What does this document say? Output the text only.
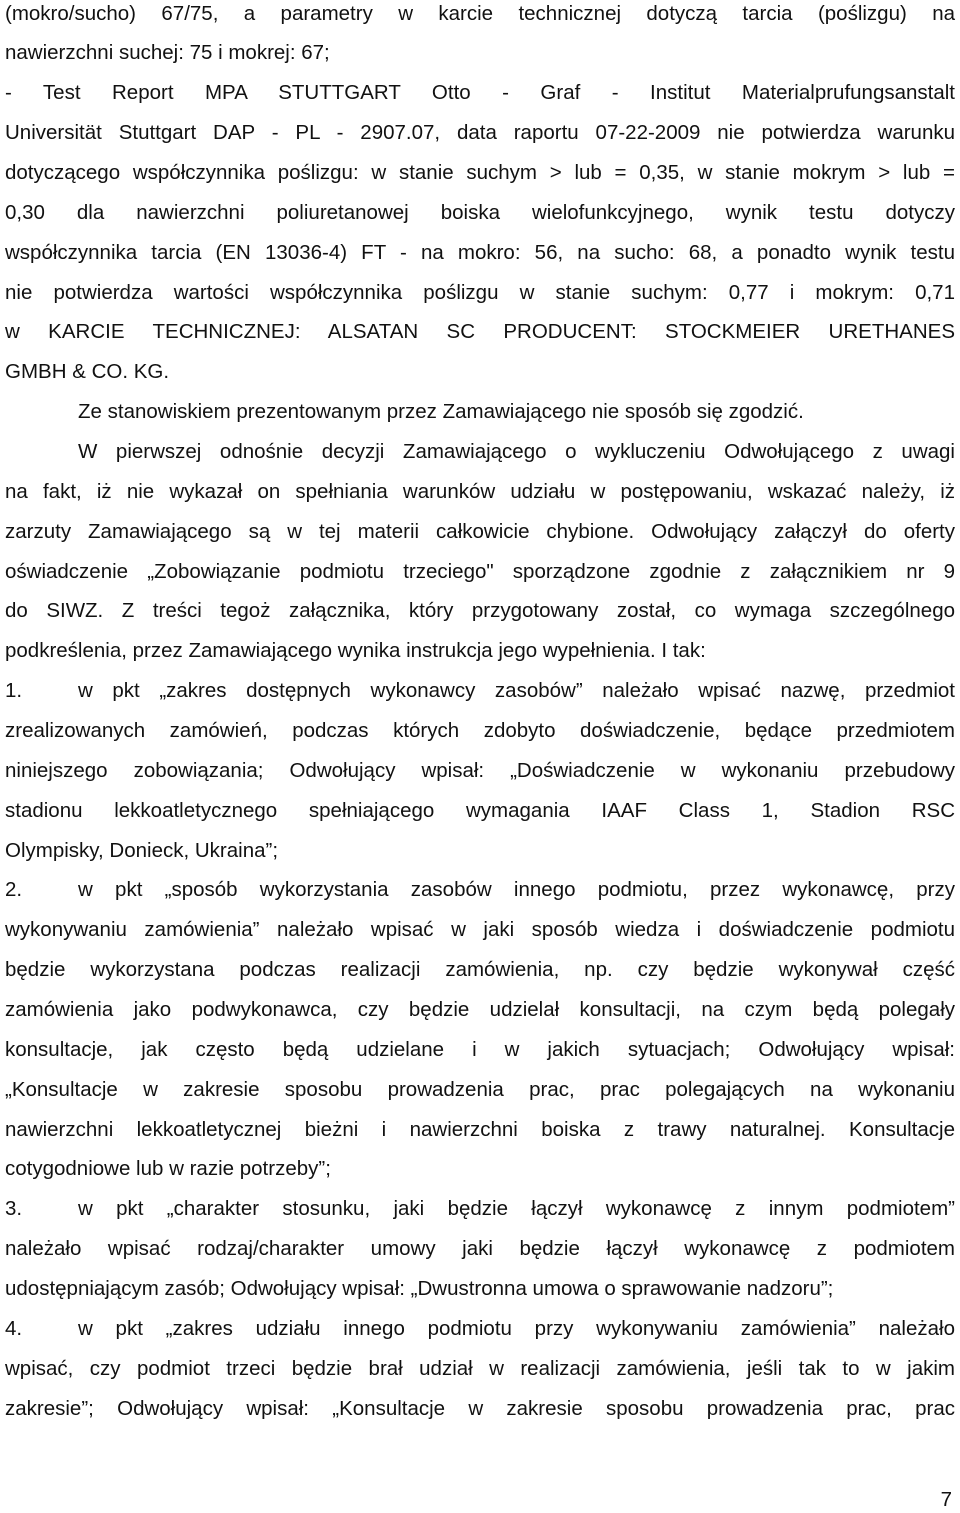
(mokro/sucho) 67/75, a parametry w karcie technicznej dotyczą tarcia (poślizgu) na
nawierzchni suchej: 75 i mokrej: 67;
- Test Report MPA STUTTGART Otto - Graf - Institut Materialprufungsanstalt
Universität Stuttgart DAP - PL - 2907.07, data raportu 07-22-2009 nie potwierdza warunku
dotyczącego współczynnika poślizgu: w stanie suchym > lub = 0,35, w stanie mokrym > lub =
0,30 dla nawierzchni poliuretanowej boiska wielofunkcyjnego, wynik testu dotyczy
współczynnika tarcia (EN 13036-4) FT - na mokro: 56, na sucho: 68, a ponadto wynik testu
nie potwierdza wartości współczynnika poślizgu w stanie suchym: 0,77 i mokrym: 0,71
w KARCIE TECHNICZNEJ: ALSATAN SC PRODUCENT: STOCKMEIER URETHANES
GMBH & CO. KG.
Ze stanowiskiem prezentowanym przez Zamawiającego nie sposób się zgodzić.
W pierwszej odnośnie decyzji Zamawiającego o wykluczeniu Odwołującego z uwagi
na fakt, iż nie wykazał on spełniania warunków udziału w postępowaniu, wskazać należy, iż
zarzuty Zamawiającego są w tej materii całkowicie chybione. Odwołujący załączył do oferty
oświadczenie „Zobowiązanie podmiotu trzeciego" sporządzone zgodnie z załącznikiem nr 9
do SIWZ. Z treści tegoż załącznika, który przygotowany został, co wymaga szczególnego
podkreślenia, przez Zamawiającego wynika instrukcja jego wypełnienia. I tak:
1.	w pkt „zakres dostępnych wykonawcy zasobów” należało wpisać nazwę, przedmiot
zrealizowanych zamówień, podczas których zdobyto doświadczenie, będące przedmiotem
niniejszego zobowiązania; Odwołujący wpisał: „Doświadczenie w wykonaniu przebudowy
stadionu lekkoatletycznego spełniającego wymagania IAAF Class 1, Stadion RSC
Olympisky, Donieck, Ukraina”;
2.	w pkt „sposób wykorzystania zasobów innego podmiotu, przez wykonawcę, przy
wykonywaniu zamówienia” należało wpisać w jaki sposób wiedza i doświadczenie podmiotu
będzie wykorzystana podczas realizacji zamówienia, np. czy będzie wykonywał część
zamówienia jako podwykonawca, czy będzie udzielał konsultacji, na czym będą polegały
konsultacje, jak często będą udzielane i w jakich sytuacjach; Odwołujący wpisał:
„Konsultacje w zakresie sposobu prowadzenia prac, prac polegających na wykonaniu
nawierzchni lekkoatletycznej bieżni i nawierzchni boiska z trawy naturalnej. Konsultacje
cotygodniowe lub w razie potrzeby”;
3.	w pkt „charakter stosunku, jaki będzie łączył wykonawcę z innym podmiotem”
należało wpisać rodzaj/charakter umowy jaki będzie łączył wykonawcę z podmiotem
udostępniającym zasób; Odwołujący wpisał: „Dwustronna umowa o sprawowanie nadzoru”;
4.	w pkt „zakres udziału innego podmiotu przy wykonywaniu zamówienia” należało
wpisać, czy podmiot trzeci będzie brał udział w realizacji zamówienia, jeśli tak to w jakim
zakresie”; Odwołujący wpisał: „Konsultacje w zakresie sposobu prowadzenia prac, prac
7
